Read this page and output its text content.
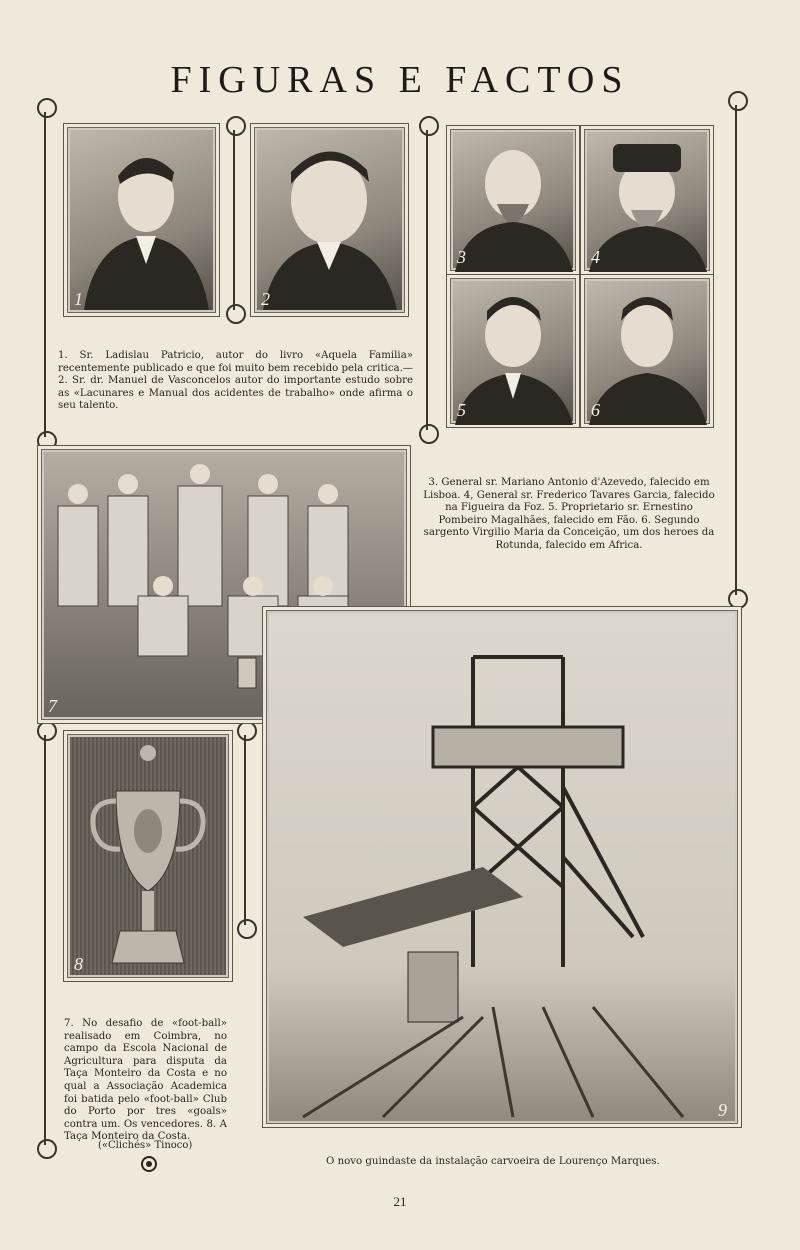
FIGURAS E FACTOS
1	2
3	4
5	6
1. Sr. Ladislau Patricio, autor do livro «Aquela Familia» recentemente publicado e que foi muito bem recebido pela critica.—2. Sr. dr. Manuel de Vasconcelos autor do importante estudo sobre as «Lacunares e Manual dos acidentes de trabalho» onde afirma o seu talento.
7
3. General sr. Mariano Antonio d'Azevedo, falecido em Lisboa. 4, General sr. Frederico Tavares Garcia, falecido na Figueira da Foz. 5. Proprietario sr. Ernestino Pombeiro Magalhães, falecido em Fão. 6. Segundo sargento Virgilio Maria da Conceição, um dos heroes da Rotunda, falecido em Africa.
8
9
7. No desafio de «foot-ball» realisado em Coimbra, no campo da Escola Nacional de Agricultura para disputa da Taça Monteiro da Costa e no qual a Associação Academica foi batida pelo «foot-ball» Club do Porto por tres «goals» contra um. Os vencedores. 8. A Taça Monteiro da Costa.
(«Clichés» Tinoco)
O novo guindaste da instalação carvoeira de Lourenço Marques.
21
